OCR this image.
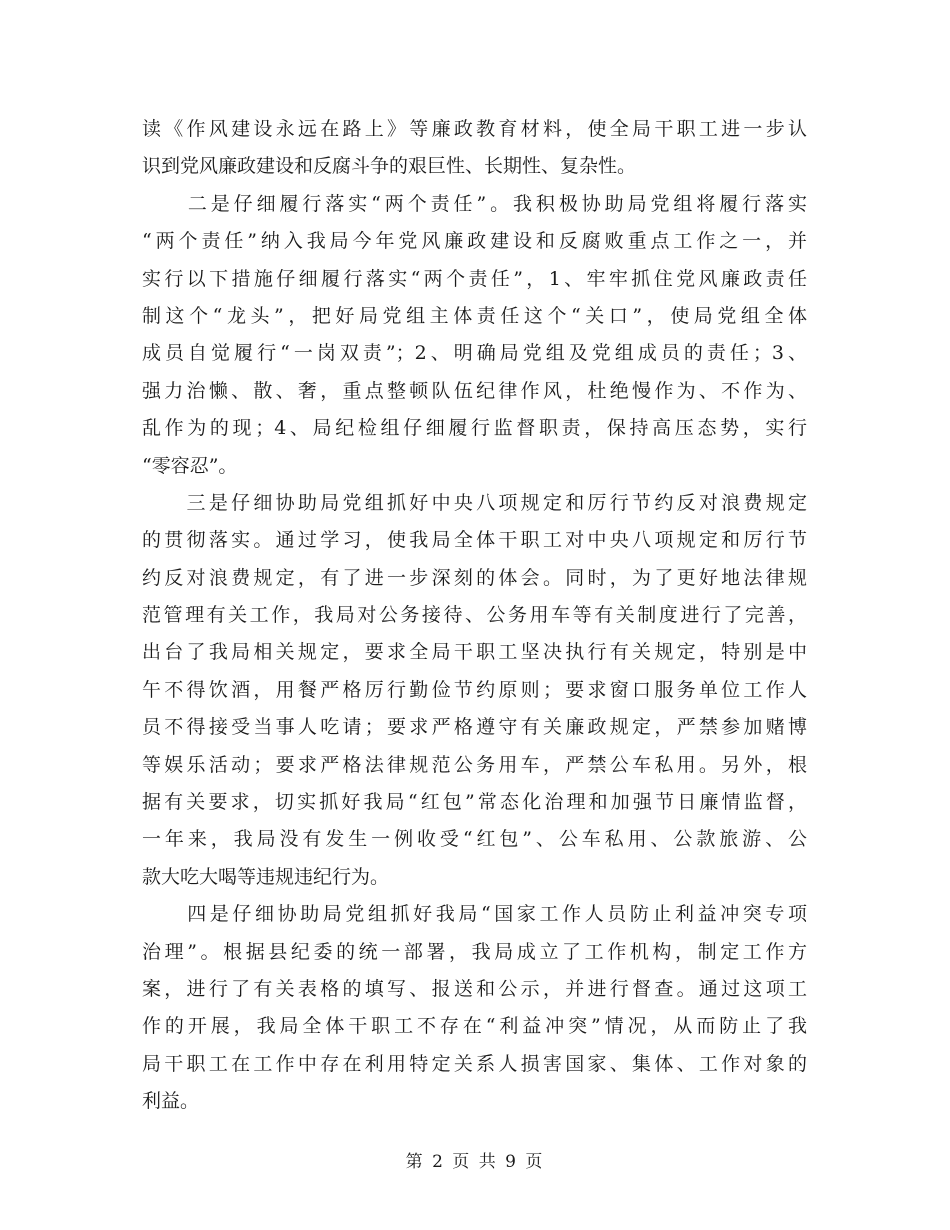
读《作风建设永远在路上》等廉政教育材料，使全局干职工进一步认
识到党风廉政建设和反腐斗争的艰巨性、长期性、复杂性。
　　二是仔细履行落实“两个责任”。我积极协助局党组将履行落实
“两个责任”纳入我局今年党风廉政建设和反腐败重点工作之一，并
实行以下措施仔细履行落实“两个责任”，1、牢牢抓住党风廉政责任
制这个“龙头”，把好局党组主体责任这个“关口”，使局党组全体
成员自觉履行“一岗双责”；2、明确局党组及党组成员的责任；3、
强力治懒、散、奢，重点整顿队伍纪律作风，杜绝慢作为、不作为、
乱作为的现；4、局纪检组仔细履行监督职责，保持高压态势，实行
“零容忍”。
　　三是仔细协助局党组抓好中央八项规定和厉行节约反对浪费规定
的贯彻落实。通过学习，使我局全体干职工对中央八项规定和厉行节
约反对浪费规定，有了进一步深刻的体会。同时，为了更好地法律规
范管理有关工作，我局对公务接待、公务用车等有关制度进行了完善，
出台了我局相关规定，要求全局干职工坚决执行有关规定，特别是中
午不得饮酒，用餐严格厉行勤俭节约原则；要求窗口服务单位工作人
员不得接受当事人吃请；要求严格遵守有关廉政规定，严禁参加赌博
等娱乐活动；要求严格法律规范公务用车，严禁公车私用。另外，根
据有关要求，切实抓好我局“红包”常态化治理和加强节日廉情监督，
一年来，我局没有发生一例收受“红包”、公车私用、公款旅游、公
款大吃大喝等违规违纪行为。
　　四是仔细协助局党组抓好我局“国家工作人员防止利益冲突专项
治理”。根据县纪委的统一部署，我局成立了工作机构，制定工作方
案，进行了有关表格的填写、报送和公示，并进行督查。通过这项工
作的开展，我局全体干职工不存在“利益冲突”情况，从而防止了我
局干职工在工作中存在利用特定关系人损害国家、集体、工作对象的
利益。
第 2 页 共 9 页
